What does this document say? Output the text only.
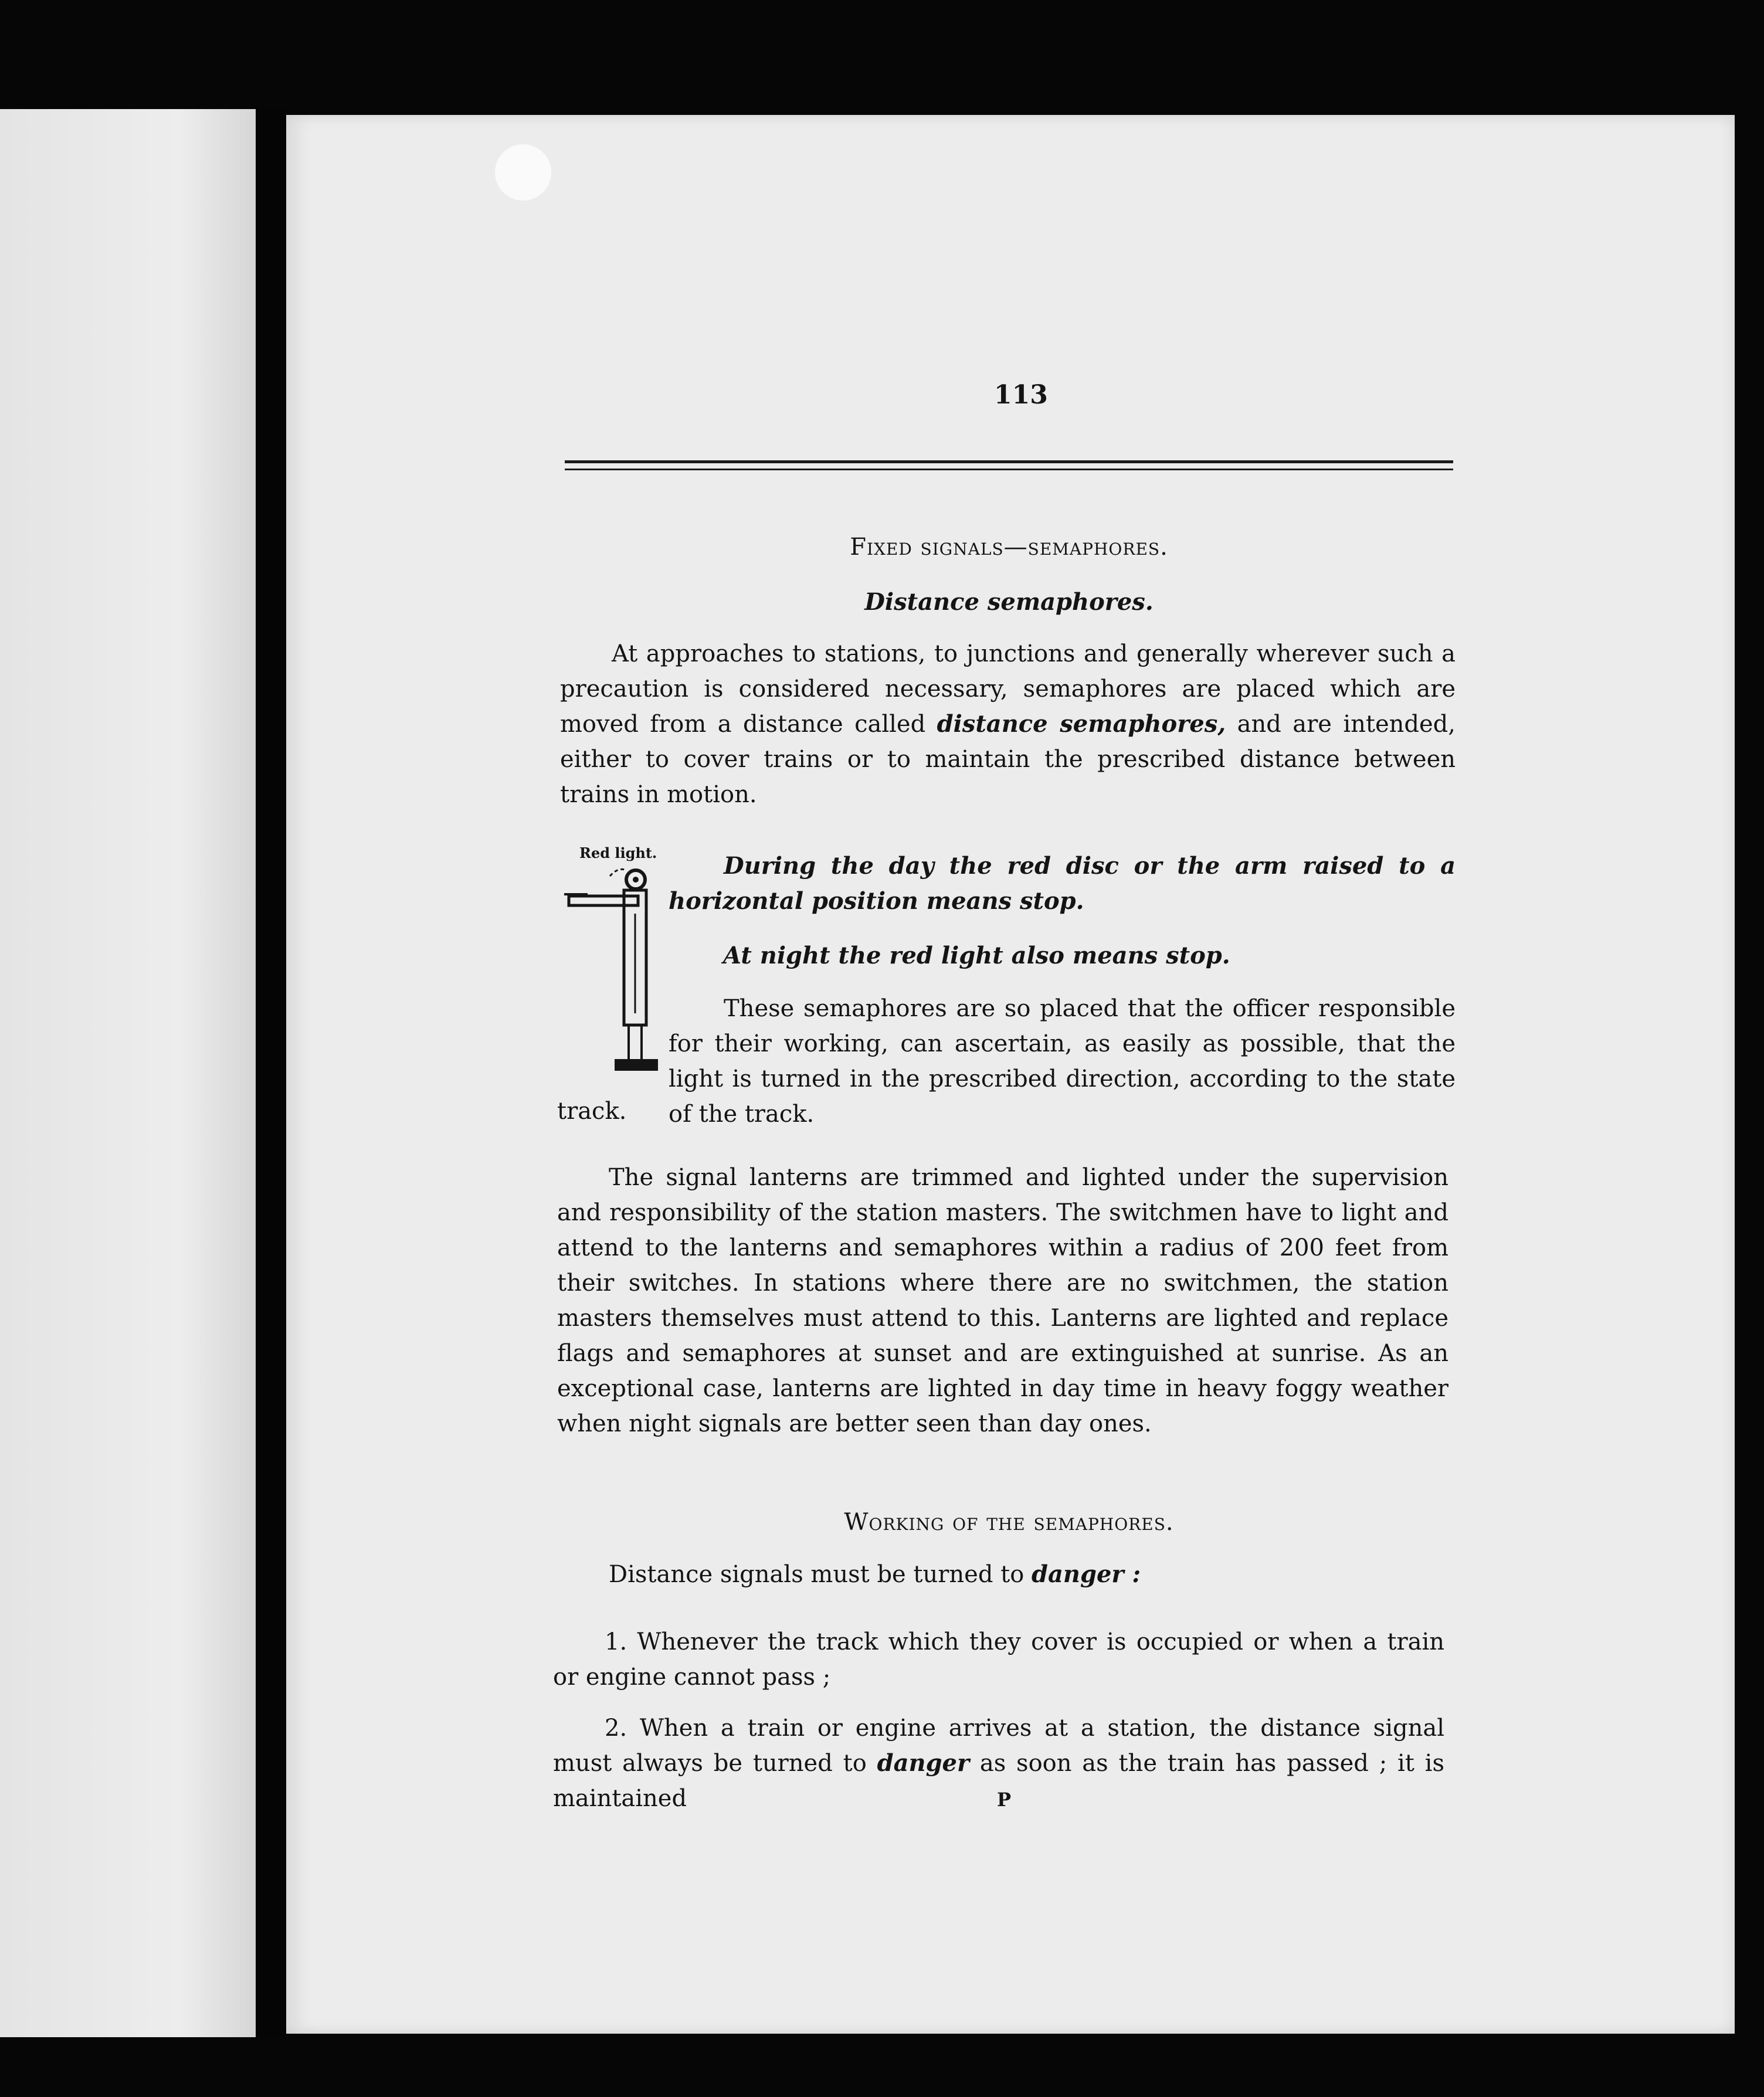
113
Fixed signals—semaphores.
Distance semaphores.

At approaches to stations, to junctions and generally wherever such a precaution is considered necessary, semaphores are placed which are moved from a distance called distance semaphores, and are intended, either to cover trains or to maintain the prescribed distance between trains in motion.

Red light.	During the day the red disc or the arm raised to a horizontal position means stop.

At night the red light also means stop.

These semaphores are so placed that the officer responsible for their working, can ascertain, as easily as possible, that the light is turned in the prescribed direction, according to the state of the track.

track.

The signal lanterns are trimmed and lighted under the supervision and responsibility of the station masters. The switchmen have to light and attend to the lanterns and semaphores within a radius of 200 feet from their switches. In stations where there are no switchmen, the station masters themselves must attend to this. Lanterns are lighted and replace flags and semaphores at sunset and are extinguished at sunrise. As an exceptional case, lanterns are lighted in day time in heavy foggy weather when night signals are better seen than day ones.

Working of the semaphores.

Distance signals must be turned to danger :

1. Whenever the track which they cover is occupied or when a train or engine cannot pass ;

2. When a train or engine arrives at a station, the distance signal must always be turned to danger as soon as the train has passed ; it is maintained	P
